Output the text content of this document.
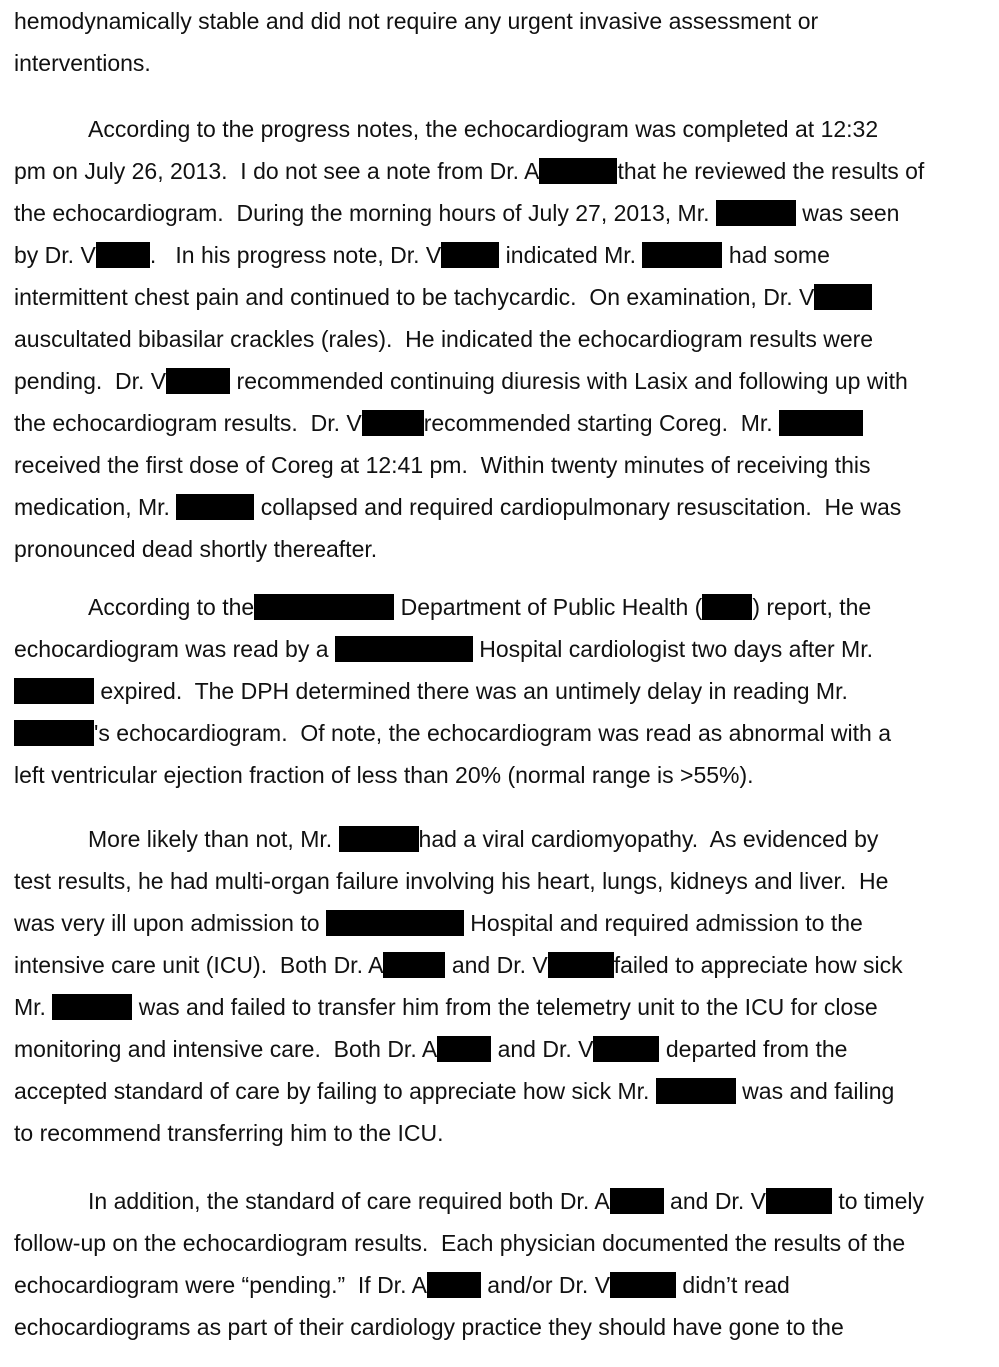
hemodynamically stable and did not require any urgent invasive assessment or
interventions.
According to the progress notes, the echocardiogram was completed at 12:32
pm on July 26, 2013.  I do not see a note from Dr. A	that he reviewed the results of
the echocardiogram.  During the morning hours of July 27, 2013, Mr.	was seen
by Dr. V .   In his progress note, Dr. V	indicated Mr.	had some
intermittent chest pain and continued to be tachycardic.  On examination, Dr. V
auscultated bibasilar crackles (rales).  He indicated the echocardiogram results were
pending.  Dr. V	recommended continuing diuresis with Lasix and following up with
the echocardiogram results.  Dr. V	recommended starting Coreg.  Mr.
received the first dose of Coreg at 12:41 pm.  Within twenty minutes of receiving this
medication, Mr.	collapsed and required cardiopulmonary resuscitation.  He was
pronounced dead shortly thereafter.
According to the	Department of Public Health ( ) report, the
echocardiogram was read by a	Hospital cardiologist two days after Mr.
expired.  The DPH determined there was an untimely delay in reading Mr.
's echocardiogram.  Of note, the echocardiogram was read as abnormal with a
left ventricular ejection fraction of less than 20% (normal range is >55%).
More likely than not, Mr.	had a viral cardiomyopathy.  As evidenced by
test results, he had multi-organ failure involving his heart, lungs, kidneys and liver.  He
was very ill upon admission to	Hospital and required admission to the
intensive care unit (ICU).  Both Dr. A	and Dr. V	failed to appreciate how sick
Mr.	was and failed to transfer him from the telemetry unit to the ICU for close
monitoring and intensive care.  Both Dr. A and Dr. V	departed from the
accepted standard of care by failing to appreciate how sick Mr.	was and failing
to recommend transferring him to the ICU.
In addition, the standard of care required both Dr. A and Dr. V	to timely
follow-up on the echocardiogram results.  Each physician documented the results of the
echocardiogram were “pending.”  If Dr. A and/or Dr. V	didn’t read
echocardiograms as part of their cardiology practice they should have gone to the
